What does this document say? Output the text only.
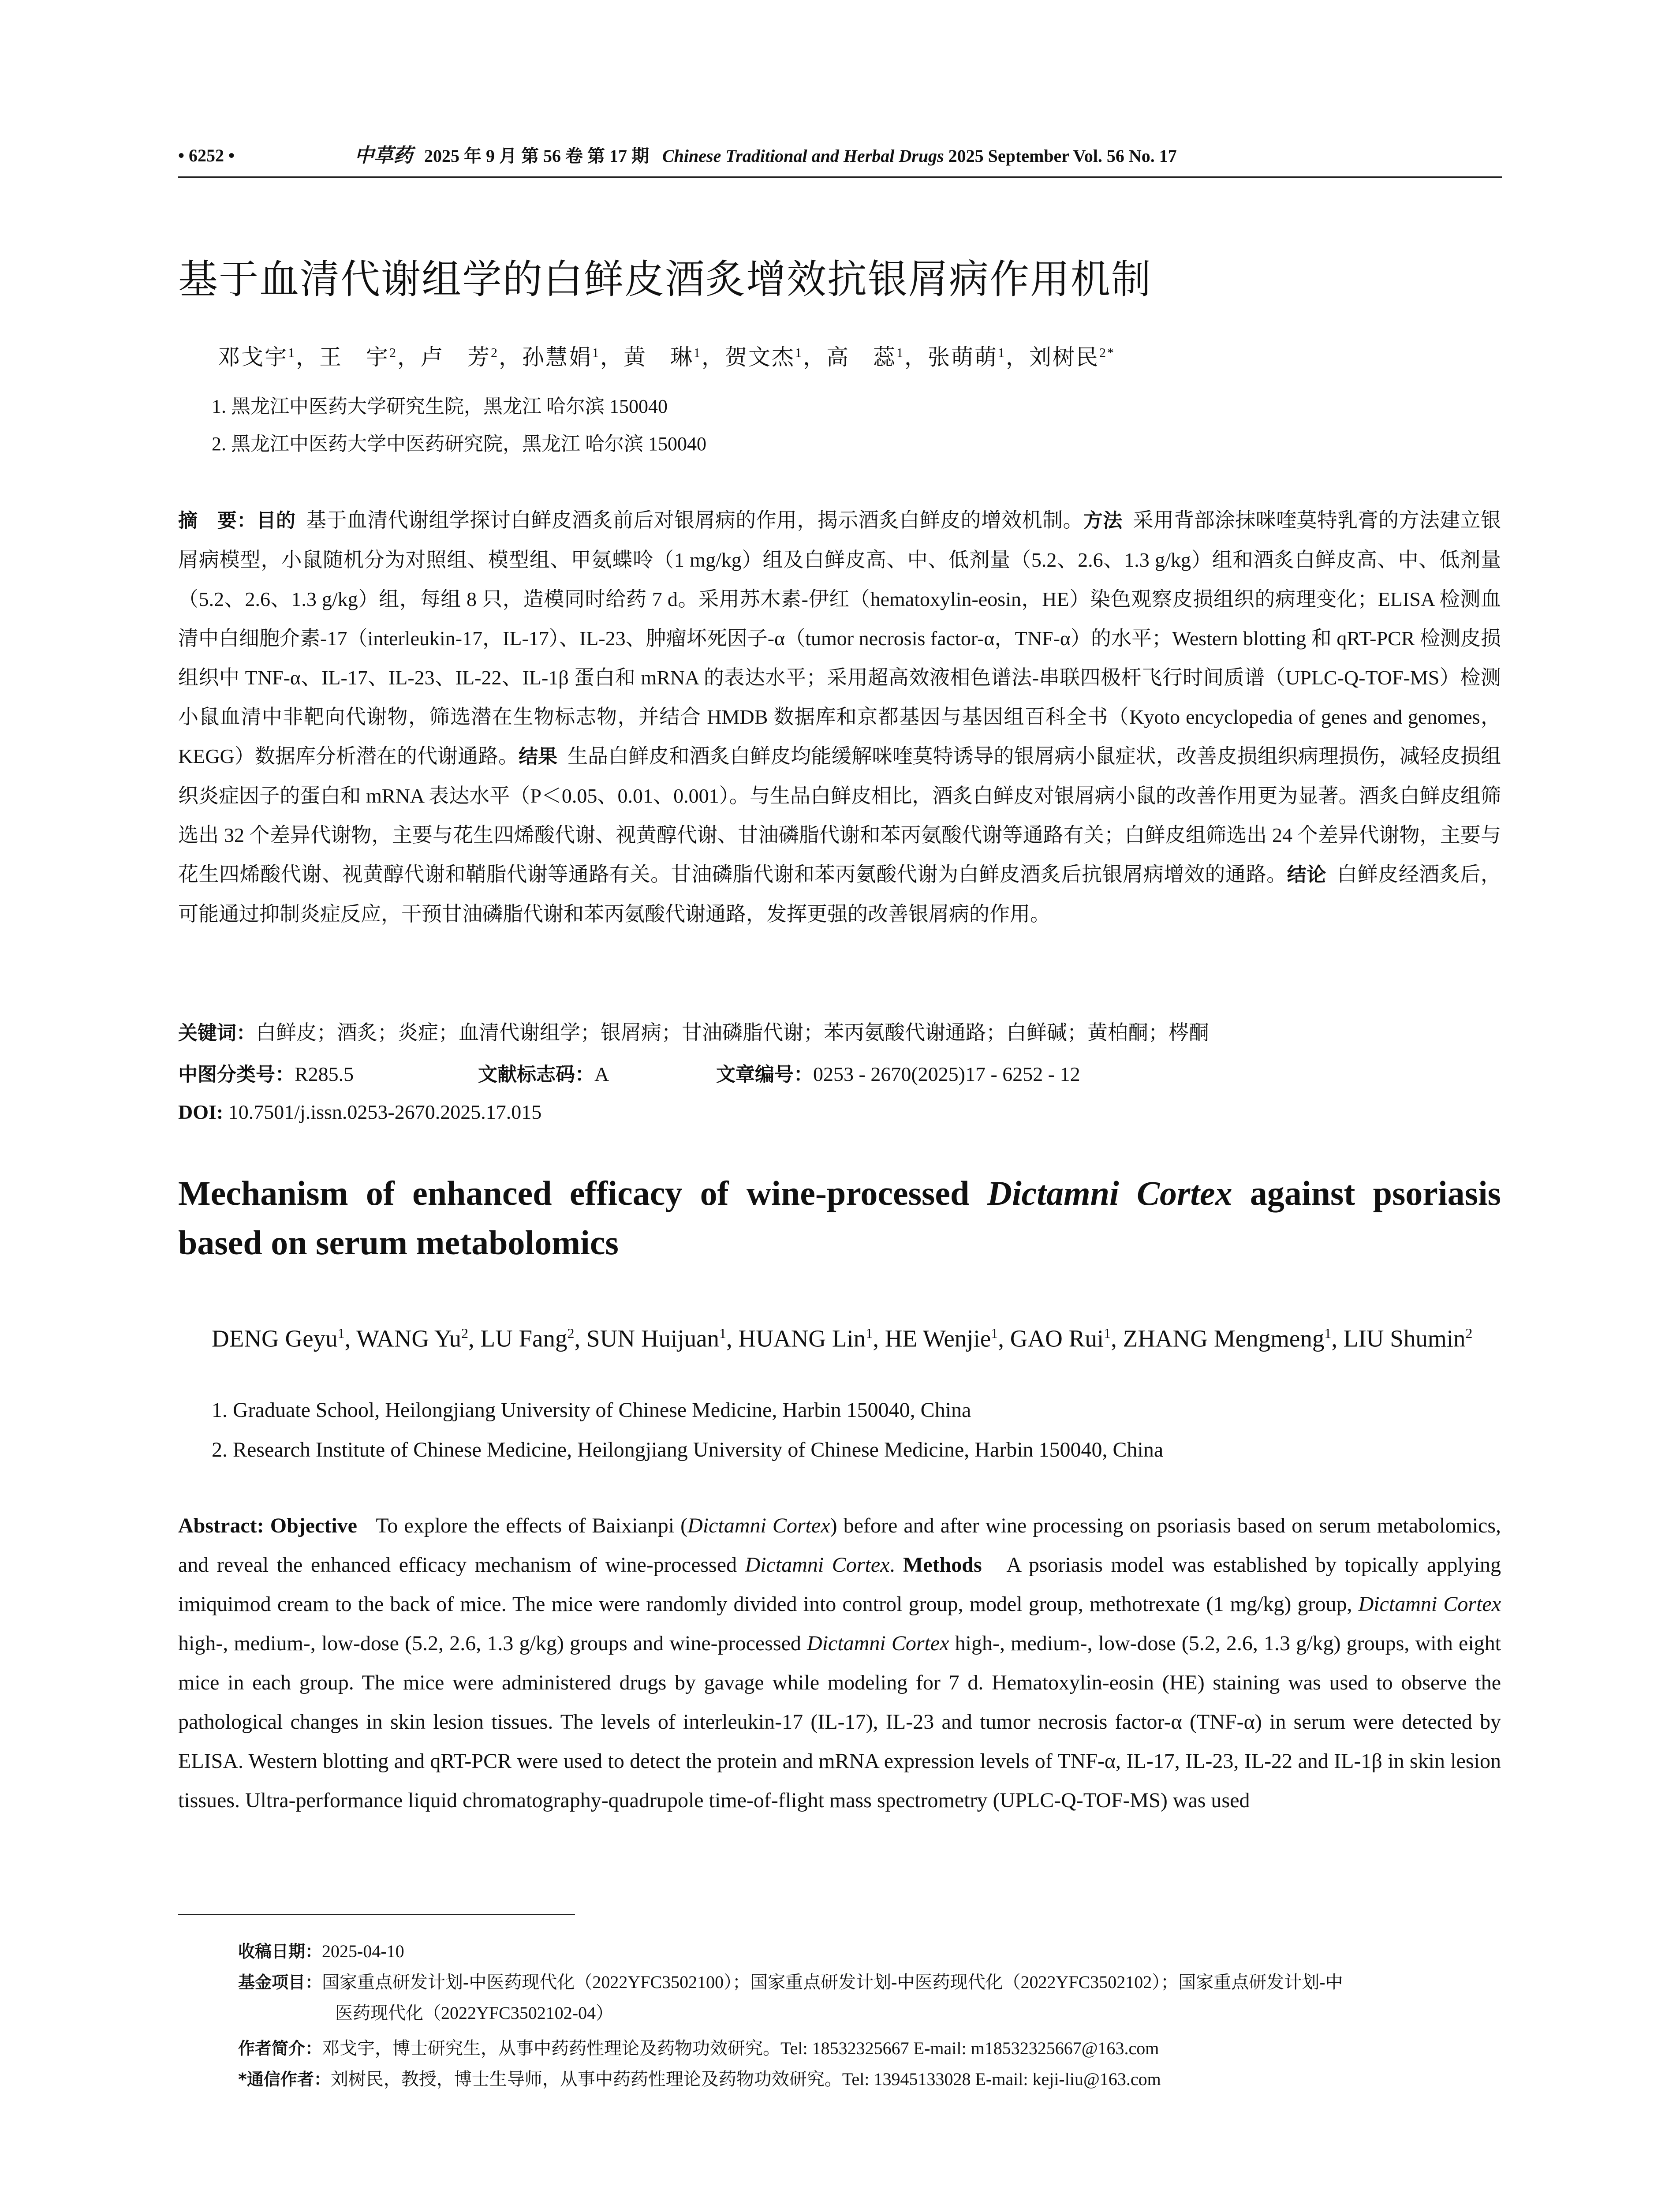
• 6252 •	中草药 2025 年 9 月 第 56 卷 第 17 期 Chinese Traditional and Herbal Drugs 2025 September Vol. 56 No. 17
基于血清代谢组学的白鲜皮酒炙增效抗银屑病作用机制
邓戈宇$^1$，王　宇$^2$，卢　芳$^2$，孙慧娟$^1$，黄　琳$^1$，贺文杰$^1$，高　蕊$^1$，张萌萌$^1$，刘树民$^{2*}$
1. 黑龙江中医药大学研究生院，黑龙江 哈尔滨 150040
2. 黑龙江中医药大学中医药研究院，黑龙江 哈尔滨 150040
摘　要：目的 基于血清代谢组学探讨白鲜皮酒炙前后对银屑病的作用，揭示酒炙白鲜皮的增效机制。方法 采用背部涂抹咪喹莫特乳膏的方法建立银屑病模型，小鼠随机分为对照组、模型组、甲氨蝶呤（1 mg/kg）组及白鲜皮高、中、低剂量（5.2、2.6、1.3 g/kg）组和酒炙白鲜皮高、中、低剂量（5.2、2.6、1.3 g/kg）组，每组 8 只，造模同时给药 7 d。采用苏木素-伊红（hematoxylin-eosin，HE）染色观察皮损组织的病理变化；ELISA 检测血清中白细胞介素-17（interleukin-17，IL-17）、IL-23、肿瘤坏死因子-α（tumor necrosis factor-α，TNF-α）的水平；Western blotting 和 qRT-PCR 检测皮损组织中 TNF-α、IL-17、IL-23、IL-22、IL-1β 蛋白和 mRNA 的表达水平；采用超高效液相色谱法-串联四极杆飞行时间质谱（UPLC-Q-TOF-MS）检测小鼠血清中非靶向代谢物，筛选潜在生物标志物，并结合 HMDB 数据库和京都基因与基因组百科全书（Kyoto encyclopedia of genes and genomes，KEGG）数据库分析潜在的代谢通路。结果 生品白鲜皮和酒炙白鲜皮均能缓解咪喹莫特诱导的银屑病小鼠症状，改善皮损组织病理损伤，减轻皮损组织炎症因子的蛋白和 mRNA 表达水平（P＜0.05、0.01、0.001）。与生品白鲜皮相比，酒炙白鲜皮对银屑病小鼠的改善作用更为显著。酒炙白鲜皮组筛选出 32 个差异代谢物，主要与花生四烯酸代谢、视黄醇代谢、甘油磷脂代谢和苯丙氨酸代谢等通路有关；白鲜皮组筛选出 24 个差异代谢物，主要与花生四烯酸代谢、视黄醇代谢和鞘脂代谢等通路有关。甘油磷脂代谢和苯丙氨酸代谢为白鲜皮酒炙后抗银屑病增效的通路。结论 白鲜皮经酒炙后，可能通过抑制炎症反应，干预甘油磷脂代谢和苯丙氨酸代谢通路，发挥更强的改善银屑病的作用。
关键词：白鲜皮；酒炙；炎症；血清代谢组学；银屑病；甘油磷脂代谢；苯丙氨酸代谢通路；白鲜碱；黄柏酮；梣酮
中图分类号：R285.5	文献标志码：A	文章编号：0253 - 2670(2025)17 - 6252 - 12
DOI: 10.7501/j.issn.0253-2670.2025.17.015
Mechanism of enhanced efficacy of wine-processed Dictamni Cortex against psoriasis based on serum metabolomics
DENG Geyu$^1$, WANG Yu$^2$, LU Fang$^2$, SUN Huijuan$^1$, HUANG Lin$^1$, HE Wenjie$^1$, GAO Rui$^1$, ZHANG Mengmeng$^1$, LIU Shumin$^2$
1. Graduate School, Heilongjiang University of Chinese Medicine, Harbin 150040, China
2. Research Institute of Chinese Medicine, Heilongjiang University of Chinese Medicine, Harbin 150040, China
Abstract: Objective To explore the effects of Baixianpi (Dictamni Cortex) before and after wine processing on psoriasis based on serum metabolomics, and reveal the enhanced efficacy mechanism of wine-processed Dictamni Cortex. Methods A psoriasis model was established by topically applying imiquimod cream to the back of mice. The mice were randomly divided into control group, model group, methotrexate (1 mg/kg) group, Dictamni Cortex high-, medium-, low-dose (5.2, 2.6, 1.3 g/kg) groups and wine-processed Dictamni Cortex high-, medium-, low-dose (5.2, 2.6, 1.3 g/kg) groups, with eight mice in each group. The mice were administered drugs by gavage while modeling for 7 d. Hematoxylin-eosin (HE) staining was used to observe the pathological changes in skin lesion tissues. The levels of interleukin-17 (IL-17), IL-23 and tumor necrosis factor-α (TNF-α) in serum were detected by ELISA. Western blotting and qRT-PCR were used to detect the protein and mRNA expression levels of TNF-α, IL-17, IL-23, IL-22 and IL-1β in skin lesion tissues. Ultra-performance liquid chromatography-quadrupole time-of-flight mass spectrometry (UPLC-Q-TOF-MS) was used
收稿日期：2025-04-10
基金项目：国家重点研发计划-中医药现代化（2022YFC3502100）；国家重点研发计划-中医药现代化（2022YFC3502102）；国家重点研发计划-中
医药现代化（2022YFC3502102-04）
作者简介：邓戈宇，博士研究生，从事中药药性理论及药物功效研究。Tel: 18532325667 E-mail: m18532325667@163.com
*通信作者：刘树民，教授，博士生导师，从事中药药性理论及药物功效研究。Tel: 13945133028 E-mail: keji-liu@163.com
